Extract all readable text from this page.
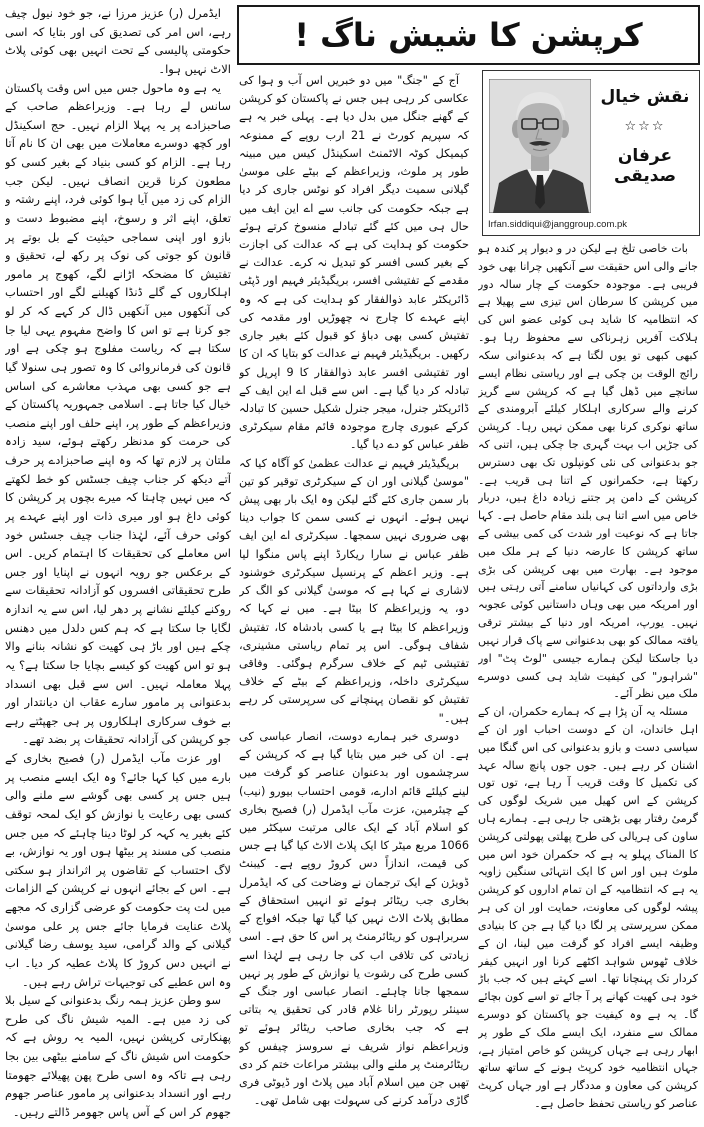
کرپشن کا شیش ناگ !
نقش خیال
☆☆☆
عرفان صدیقی
Irfan.siddiqui@janggroup.com.pk

بات خاصی تلخ ہے لیکن در و دیوار پر کندہ ہو جانے والی اس حقیقت سے آنکھیں چرانا بھی خود فریبی ہے۔ موجودہ حکومت کے چار سالہ دور میں کرپشن کا سرطان اس تیزی سے پھیلا ہے کہ انتظامیہ کا شاید ہی کوئی عضو اس کی ہلاکت آفریں زہرناکی سے محفوظ رہا ہو۔ کبھی کبھی تو یوں لگتا ہے کہ بدعنوانی سکہ رائج الوقت بن چکی ہے اور ریاستی نظام ایسے سانچے میں ڈھل گیا ہے کہ کرپشن سے گریز کرنے والے سرکاری اہلکار کیلئے آبرومندی کے ساتھ نوکری کرنا بھی ممکن نہیں رہا۔ کرپشن کی جڑیں اب بہت گہری جا چکی ہیں، اتنی کہ جو بدعنوانی کی نئی کونپلوں تک بھی دسترس رکھتا ہے، حکمرانوں کے اتنا ہی قریب ہے۔ کرپشن کے دامن پر جتنے زیادہ داغ ہیں، دربار خاص میں اسے اتنا ہی بلند مقام حاصل ہے۔ کہا جاتا ہے کہ نوعیت اور شدت کی کمی بیشی کے ساتھ کرپشن کا عارضہ دنیا کے ہر ملک میں موجود ہے۔ بھارت میں بھی کرپشن کی بڑی بڑی وارداتوں کی کہانیاں سامنے آتی رہتی ہیں اور امریکہ میں بھی وہاں داستانیں کوئی عجوبہ نہیں۔ یورپ، امریکہ اور دنیا کے بیشتر ترقی یافتہ ممالک کو بھی بدعنوانی سے پاک قرار نہیں دیا جاسکتا لیکن ہمارے جیسی "لوٹ پٹ" اور "شراہور" کی کیفیت شاید ہی کسی دوسرے ملک میں نظر آئے۔

مسئلہ یہ آن پڑا ہے کہ ہمارے حکمران، ان کے اہل خاندان، ان کے دوست احباب اور ان کے سیاسی دست و بازو بدعنوانی کی اس گنگا میں اشنان کر رہے ہیں۔ جوں جوں پانچ سالہ عہد کی تکمیل کا وقت قریب آ رہا ہے، توں توں کرپشن کے اس کھیل میں شریک لوگوں کی گرمیٔ رفتار بھی بڑھتی جا رہی ہے۔ ہمارے ہاں ساون کی ہریالی کی طرح پھلتی پھولتی کرپشن کا المناک پہلو یہ ہے کہ حکمران خود اس میں ملوث ہیں اور اس کا ایک انتہائی سنگین زاویہ یہ ہے کہ انتظامیہ کے ان تمام اداروں کو کرپشن پیشہ لوگوں کی معاونت، حمایت اور ان کی ہر ممکن سرپرستی پر لگا دیا گیا ہے جن کا بنیادی وظیفہ ایسے افراد کو گرفت میں لینا، ان کے خلاف ٹھوس شواہد اکٹھے کرنا اور انہیں کیفر کردار تک پہنچانا تھا۔ اسے کہتے ہیں کہ جب باڑ خود ہی کھیت کھانے پر آ جائے تو اسے کون بچائے گا۔ یہ ہے وہ کیفیت جو پاکستان کو دوسرے ممالک سے منفرد، ایک ایسے ملک کے طور پر ابھار رہی ہے جہاں کرپشن کو خاص امتیاز ہے، جہاں انتظامیہ خود کرپٹ ہونے کے ساتھ ساتھ کرپشن کی معاون و مددگار ہے اور جہاں کرپٹ عناصر کو ریاستی تحفظ حاصل ہے۔

آج کے "جنگ" میں دو خبریں اس آب و ہوا کی عکاسی کر رہی ہیں جس نے پاکستان کو کرپشن کے گھنے جنگل میں بدل دیا ہے۔ پہلی خبر یہ ہے کہ سپریم کورٹ نے 21 ارب روپے کے ممنوعہ کیمیکل کوٹہ الاٹمنٹ اسکینڈل کیس میں مبینہ طور پر ملوث، وزیراعظم کے بیٹے علی موسیٰ گیلانی سمیت دیگر افراد کو نوٹس جاری کر دیا ہے جبکہ حکومت کی جانب سے اے این ایف میں حال ہی میں کئے گئے تبادلے منسوخ کرتے ہوئے حکومت کو ہدایت کی ہے کہ عدالت کی اجازت کے بغیر کسی افسر کو تبدیل نہ کرے۔ عدالت نے مقدمے کے تفتیشی افسر، بریگیڈیئر فہیم اور ڈپٹی ڈائریکٹر عابد ذوالفقار کو ہدایت کی ہے کہ وہ اپنے عہدے کا چارج نہ چھوڑیں اور مقدمہ کی تفتیش کسی بھی دباؤ کو قبول کئے بغیر جاری رکھیں۔ بریگیڈیئر فہیم نے عدالت کو بتایا کہ ان کا اور تفتیشی افسر عابد ذوالفقار کا 9 اپریل کو تبادلہ کر دیا گیا ہے۔ اس سے قبل اے این ایف کے ڈائریکٹر جنرل، میجر جنرل شکیل حسین کا تبادلہ کرکے عبوری چارج موجودہ قائم مقام سیکرٹری ظفر عباس کو دے دیا گیا۔

بریگیڈیئر فہیم نے عدالت عظمیٰ کو آگاہ کیا کہ "موسیٰ گیلانی اور ان کے سیکرٹری توقیر کو تین بار سمن جاری کئے گئے لیکن وہ ایک بار بھی پیش نہیں ہوئے۔ انہوں نے کسی سمن کا جواب دینا بھی ضروری نہیں سمجھا۔ سیکرٹری اے این ایف ظفر عباس نے سارا ریکارڈ اپنے پاس منگوا لیا ہے۔ وزیر اعظم کے پرنسپل سیکرٹری خوشنود لاشاری نے کہا ہے کہ موسیٰ گیلانی کو الگ کر دو، یہ وزیراعظم کا بیٹا ہے۔ میں نے کہا کہ وزیراعظم کا بیٹا ہے یا کسی بادشاہ کا، تفتیش شفاف ہوگی۔ اس پر تمام ریاستی مشینری، تفتیشی ٹیم کے خلاف سرگرم ہوگئی۔ وفاقی سیکرٹری داخلہ، وزیراعظم کے بیٹے کے خلاف تفتیش کو نقصان پہنچانے کی سرپرستی کر رہے ہیں۔"

دوسری خبر ہمارے دوست، انصار عباسی کی ہے۔ ان کی خبر میں بتایا گیا ہے کہ کرپشن کے سرچشموں اور بدعنوان عناصر کو گرفت میں لینے کیلئے قائم ادارے، قومی احتساب بیورو (نیب) کے چیئرمین، عزت مآب ایڈمرل (ر) فصیح بخاری کو اسلام آباد کے ایک عالی مرتبت سیکٹر میں 1066 مربع میٹر کا ایک پلاٹ الاٹ کیا گیا ہے جس کی قیمت، اندازاً دس کروڑ روپے ہے۔ کیبنٹ ڈویژن کے ایک ترجمان نے وضاحت کی کہ ایڈمرل بخاری جب ریٹائر ہوئے تو انہیں استحقاق کے مطابق پلاٹ الاٹ نہیں کیا گیا تھا جبکہ افواج کے سربراہوں کو ریٹائرمنٹ پر اس کا حق ہے۔ اسی زیادتی کی تلافی اب کی جا رہی ہے لہٰذا اسے کسی طرح کی رشوت یا نوازش کے طور پر نہیں سمجھا جانا چاہئے۔ انصار عباسی اور جنگ کے سینئر رپورٹر رانا غلام قادر کی تحقیق یہ بتاتی ہے کہ جب بخاری صاحب ریٹائر ہوئے تو وزیراعظم نواز شریف نے سروسز چیفس کو ریٹائرمنٹ پر ملنے والی بیشتر مراعات ختم کر دی تھیں جن میں اسلام آباد میں پلاٹ اور ڈیوٹی فری گاڑی درآمد کرنے کی سہولت بھی شامل تھی۔

ایڈمرل (ر) عزیز مرزا نے، جو خود نیول چیف رہے، اس امر کی تصدیق کی اور بتایا کہ اسی حکومتی پالیسی کے تحت انہیں بھی کوئی پلاٹ الاٹ نہیں ہوا۔

یہ ہے وہ ماحول جس میں اس وقت پاکستان سانس لے رہا ہے۔ وزیراعظم صاحب کے صاحبزادے پر یہ پہلا الزام نہیں۔ حج اسکینڈل اور کچھ دوسرے معاملات میں بھی ان کا نام آتا رہا ہے۔ الزام کو کسی بنیاد کے بغیر کسی کو مطعون کرنا قرین انصاف نہیں۔ لیکن جب الزام کی زد میں آیا ہوا کوئی فرد، اپنے رشتہ و تعلق، اپنے اثر و رسوخ، اپنے مضبوط دست و بازو اور اپنی سماجی حیثیت کے بل بوتے پر قانون کو جوتی کی نوک پر رکھ لے، تحقیق و تفتیش کا مضحکہ اڑانے لگے، کھوج پر مامور اہلکاروں کے گلے ڈنڈا کھیلنے لگے اور احتساب کی آنکھوں میں آنکھیں ڈال کر کہے کہ کر لو جو کرنا ہے تو اس کا واضح مفہوم یہی لیا جا سکتا ہے کہ ریاست مفلوج ہو چکی ہے اور قانون کی فرمانروائی کا وہ تصور ہی سنولا گیا ہے جو کسی بھی مہذب معاشرے کی اساس خیال کیا جاتا ہے۔ اسلامی جمہوریہ پاکستان کے وزیراعظم کے طور پر، اپنے حلف اور اپنے منصب کی حرمت کو مدنظر رکھتے ہوئے، سید زادہ ملتان پر لازم تھا کہ وہ اپنے صاحبزادے پر حرف آتے دیکھ کر جناب چیف جسٹس کو خط لکھتے کہ میں نہیں چاہتا کہ میرے بچوں پر کرپشن کا کوئی داغ ہو اور میری ذات اور اپنے عہدے پر کوئی حرف آئے، لہٰذا جناب چیف جسٹس خود اس معاملے کی تحقیقات کا اہتمام کریں۔ اس کے برعکس جو رویہ انہوں نے اپنایا اور جس طرح تحقیقاتی افسروں کو آزادانہ تحقیقات سے روکنے کیلئے نشانے پر دھر لیا، اس سے یہ اندازہ لگایا جا سکتا ہے کہ ہم کس دلدل میں دھنس چکے ہیں اور باڑ ہی کھیت کو نشانہ بنانے والا ہو تو اس کھیت کو کیسے بچایا جا سکتا ہے؟ یہ پہلا معاملہ نہیں۔ اس سے قبل بھی انسداد بدعنوانی پر مامور سارے عقاب ان دیانتدار اور بے خوف سرکاری اہلکاروں پر ہی جھپٹتے رہے جو کرپشن کی آزادانہ تحقیقات پر بضد تھے۔

اور عزت مآب ایڈمرل (ر) فصیح بخاری کے بارے میں کیا کہا جائے؟ وہ ایک ایسے منصب پر ہیں جس پر کسی بھی گوشے سے ملنے والی کسی بھی رعایت یا نوازش کو ایک لمحہ توقف کئے بغیر یہ کہہ کر لوٹا دینا چاہئے کہ میں جس منصب کی مسند پر بیٹھا ہوں اور یہ نوازش، بے لاگ احتساب کے تقاضوں پر اثرانداز ہو سکتی ہے۔ اس کے بجائے انہوں نے کرپشن کے الزامات میں لت پت حکومت کو عرضی گزاری کہ مجھے پلاٹ عنایت فرمایا جائے جس پر علی موسیٰ گیلانی کے والد گرامی، سید یوسف رضا گیلانی نے انہیں دس کروڑ کا پلاٹ عطیہ کر دیا۔ اب وہ اس عطیے کی توجیہات تراش رہے ہیں۔

سو وطن عزیز ہمہ رنگ بدعنوانی کے سیل بلا کی زد میں ہے۔ المیہ شیش ناگ کی طرح پھنکارتی کرپشن نہیں، المیہ یہ روش ہے کہ حکومت اس شیش ناگ کے سامنے بیٹھی بین بجا رہی ہے تاکہ وہ اسی طرح پھن پھیلائے جھومتا رہے اور انسداد بدعنوانی پر مامور عناصر جھوم جھوم کر اس کے آس پاس جھومر ڈالتے رہیں۔
